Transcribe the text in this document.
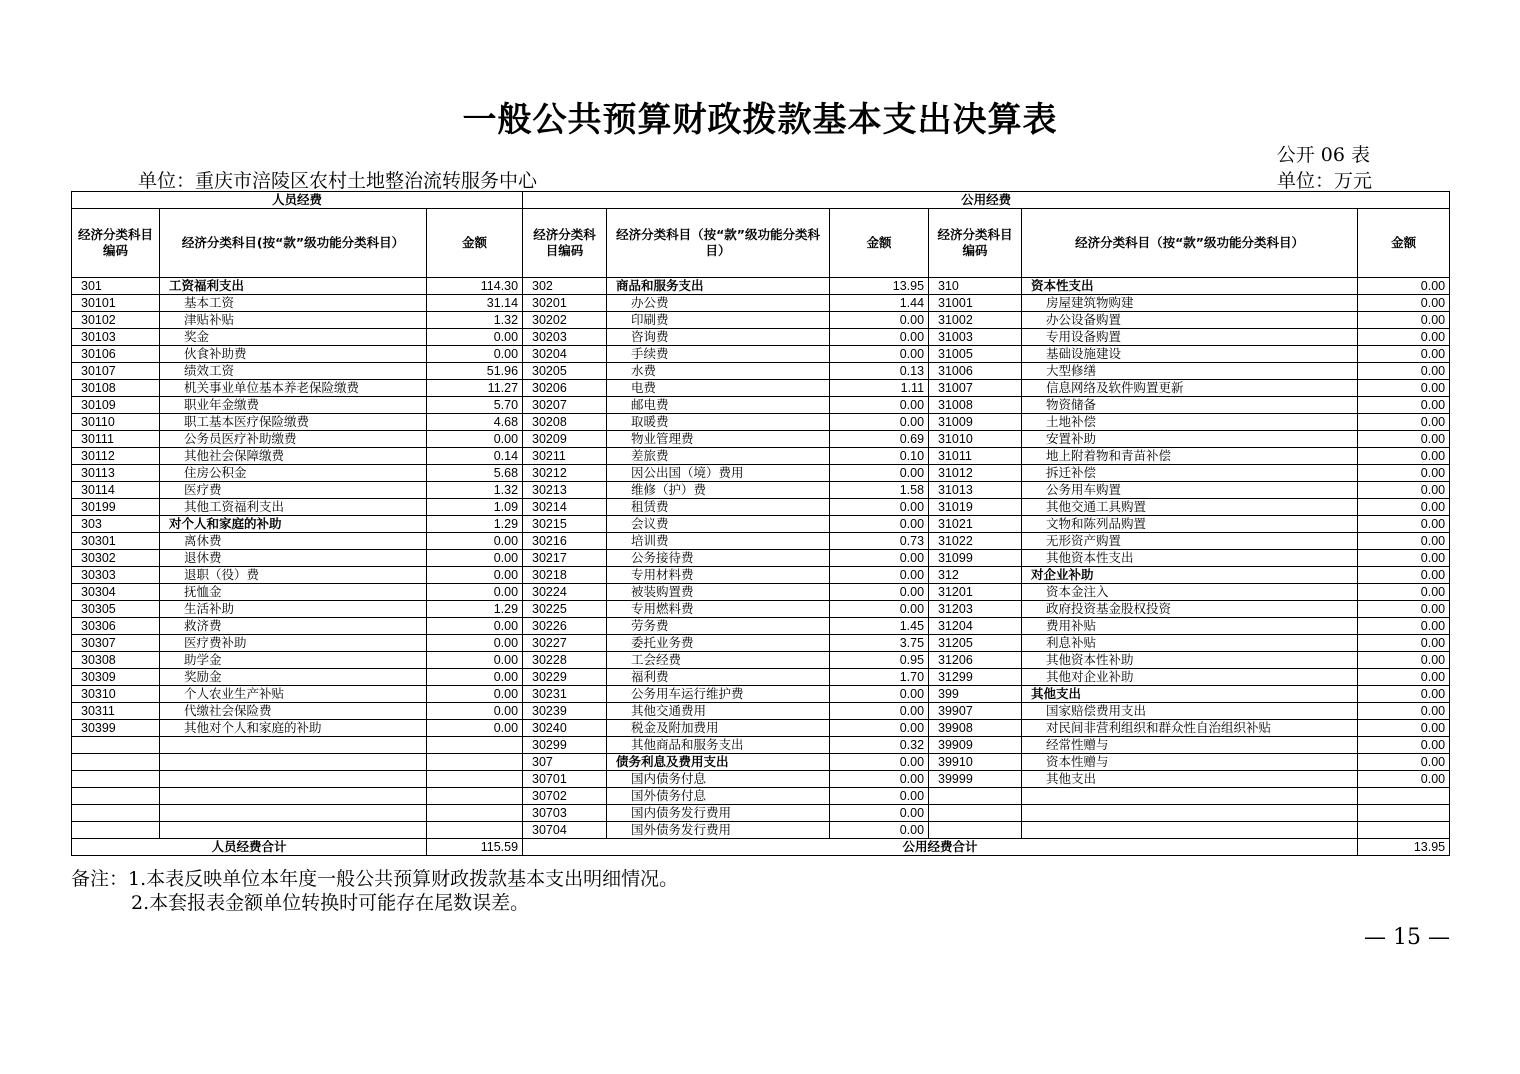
一般公共预算财政拨款基本支出决算表
公开 06 表
单位：重庆市涪陵区农村土地整治流转服务中心	单位：万元
人员经费			公用经费					
经济分类科目编码	经济分类科目(按“款”级功能分类科目）	金额	经济分类科目编码	经济分类科目（按“款”级功能分类科目）	金额	经济分类科目编码	经济分类科目（按“款”级功能分类科目）	金额
301	工资福利支出	114.30	302	商品和服务支出	13.95	310	资本性支出	0.00
30101	基本工资	31.14	30201	办公费	1.44	31001	房屋建筑物购建	0.00
30102	津贴补贴	1.32	30202	印刷费	0.00	31002	办公设备购置	0.00
30103	奖金	0.00	30203	咨询费	0.00	31003	专用设备购置	0.00
30106	伙食补助费	0.00	30204	手续费	0.00	31005	基础设施建设	0.00
30107	绩效工资	51.96	30205	水费	0.13	31006	大型修缮	0.00
30108	机关事业单位基本养老保险缴费	11.27	30206	电费	1.11	31007	信息网络及软件购置更新	0.00
30109	职业年金缴费	5.70	30207	邮电费	0.00	31008	物资储备	0.00
30110	职工基本医疗保险缴费	4.68	30208	取暖费	0.00	31009	土地补偿	0.00
30111	公务员医疗补助缴费	0.00	30209	物业管理费	0.69	31010	安置补助	0.00
30112	其他社会保障缴费	0.14	30211	差旅费	0.10	31011	地上附着物和青苗补偿	0.00
30113	住房公积金	5.68	30212	因公出国（境）费用	0.00	31012	拆迁补偿	0.00
30114	医疗费	1.32	30213	维修（护）费	1.58	31013	公务用车购置	0.00
30199	其他工资福利支出	1.09	30214	租赁费	0.00	31019	其他交通工具购置	0.00
303	对个人和家庭的补助	1.29	30215	会议费	0.00	31021	文物和陈列品购置	0.00
30301	离休费	0.00	30216	培训费	0.73	31022	无形资产购置	0.00
30302	退休费	0.00	30217	公务接待费	0.00	31099	其他资本性支出	0.00
30303	退职（役）费	0.00	30218	专用材料费	0.00	312	对企业补助	0.00
30304	抚恤金	0.00	30224	被装购置费	0.00	31201	资本金注入	0.00
30305	生活补助	1.29	30225	专用燃料费	0.00	31203	政府投资基金股权投资	0.00
30306	救济费	0.00	30226	劳务费	1.45	31204	费用补贴	0.00
30307	医疗费补助	0.00	30227	委托业务费	3.75	31205	利息补贴	0.00
30308	助学金	0.00	30228	工会经费	0.95	31206	其他资本性补助	0.00
30309	奖励金	0.00	30229	福利费	1.70	31299	其他对企业补助	0.00
30310	个人农业生产补贴	0.00	30231	公务用车运行维护费	0.00	399	其他支出	0.00
30311	代缴社会保险费	0.00	30239	其他交通费用	0.00	39907	国家赔偿费用支出	0.00
30399	其他对个人和家庭的补助	0.00	30240	税金及附加费用	0.00	39908	对民间非营利组织和群众性自治组织补贴	0.00
			30299	其他商品和服务支出	0.32	39909	经常性赠与	0.00
			307	债务利息及费用支出	0.00	39910	资本性赠与	0.00
			30701	国内债务付息	0.00	39999	其他支出	0.00
			30702	国外债务付息	0.00			
			30703	国内债务发行费用	0.00			
			30704	国外债务发行费用	0.00			
人员经费合计		115.59	公用经费合计					13.95
备注：1.本表反映单位本年度一般公共预算财政拨款基本支出明细情况。
2.本套报表金额单位转换时可能存在尾数误差。
— 15 —
